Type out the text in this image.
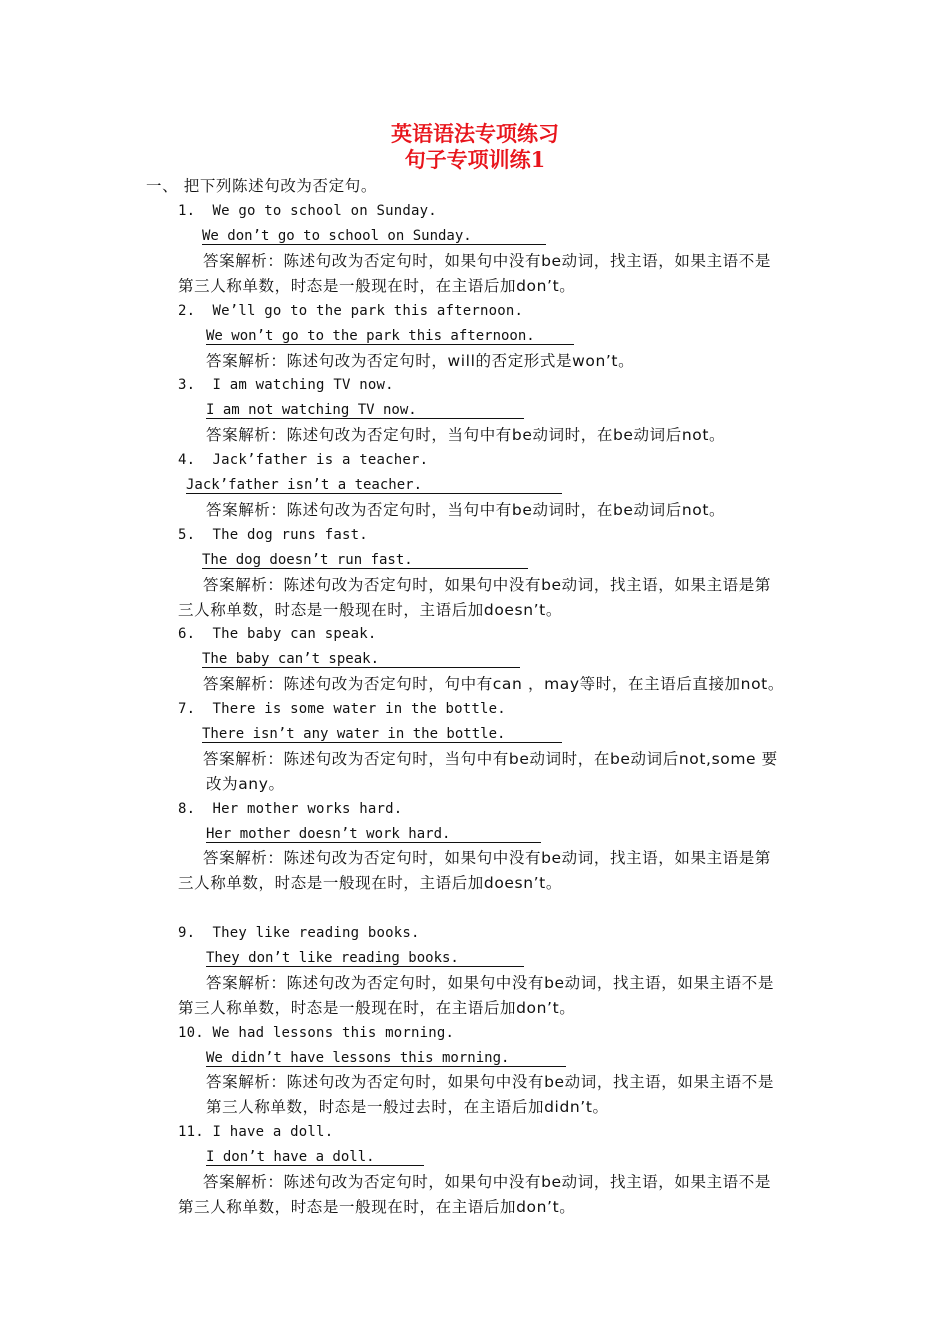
英语语法专项练习
句子专项训练1
一、 把下列陈述句改为否定句。
1.  We go to school on Sunday.
We don’t go to school on Sunday.
答案解析：陈述句改为否定句时，如果句中没有be动词，找主语，如果主语不是
第三人称单数，时态是一般现在时，在主语后加don’t。
2.  We’ll go to the park this afternoon.
We won’t go to the park this afternoon.
答案解析：陈述句改为否定句时，will的否定形式是won’t。
3.  I am watching TV now.
I am not watching TV now.
答案解析：陈述句改为否定句时，当句中有be动词时，在be动词后not。
4.  Jack’father is a teacher.
Jack’father isn’t a teacher.
答案解析：陈述句改为否定句时，当句中有be动词时，在be动词后not。
5.  The dog runs fast.
The dog doesn’t run fast.
答案解析：陈述句改为否定句时，如果句中没有be动词，找主语，如果主语是第
三人称单数，时态是一般现在时，主语后加doesn’t。
6.  The baby can speak.
The baby can’t speak.
答案解析：陈述句改为否定句时，句中有can ，may等时，在主语后直接加not。
7.  There is some water in the bottle.
There isn’t any water in the bottle.
答案解析：陈述句改为否定句时，当句中有be动词时，在be动词后not,some 要
改为any。
8.  Her mother works hard.
Her mother doesn’t work hard.
答案解析：陈述句改为否定句时，如果句中没有be动词，找主语，如果主语是第
三人称单数，时态是一般现在时，主语后加doesn’t。
9.  They like reading books.
They don’t like reading books.
答案解析：陈述句改为否定句时，如果句中没有be动词，找主语，如果主语不是
第三人称单数，时态是一般现在时，在主语后加don’t。
10. We had lessons this morning.
We didn’t have lessons this morning.
答案解析：陈述句改为否定句时，如果句中没有be动词，找主语，如果主语不是
第三人称单数，时态是一般过去时，在主语后加didn’t。
11. I have a doll.
I don’t have a doll.
答案解析：陈述句改为否定句时，如果句中没有be动词，找主语，如果主语不是
第三人称单数，时态是一般现在时，在主语后加don’t。
